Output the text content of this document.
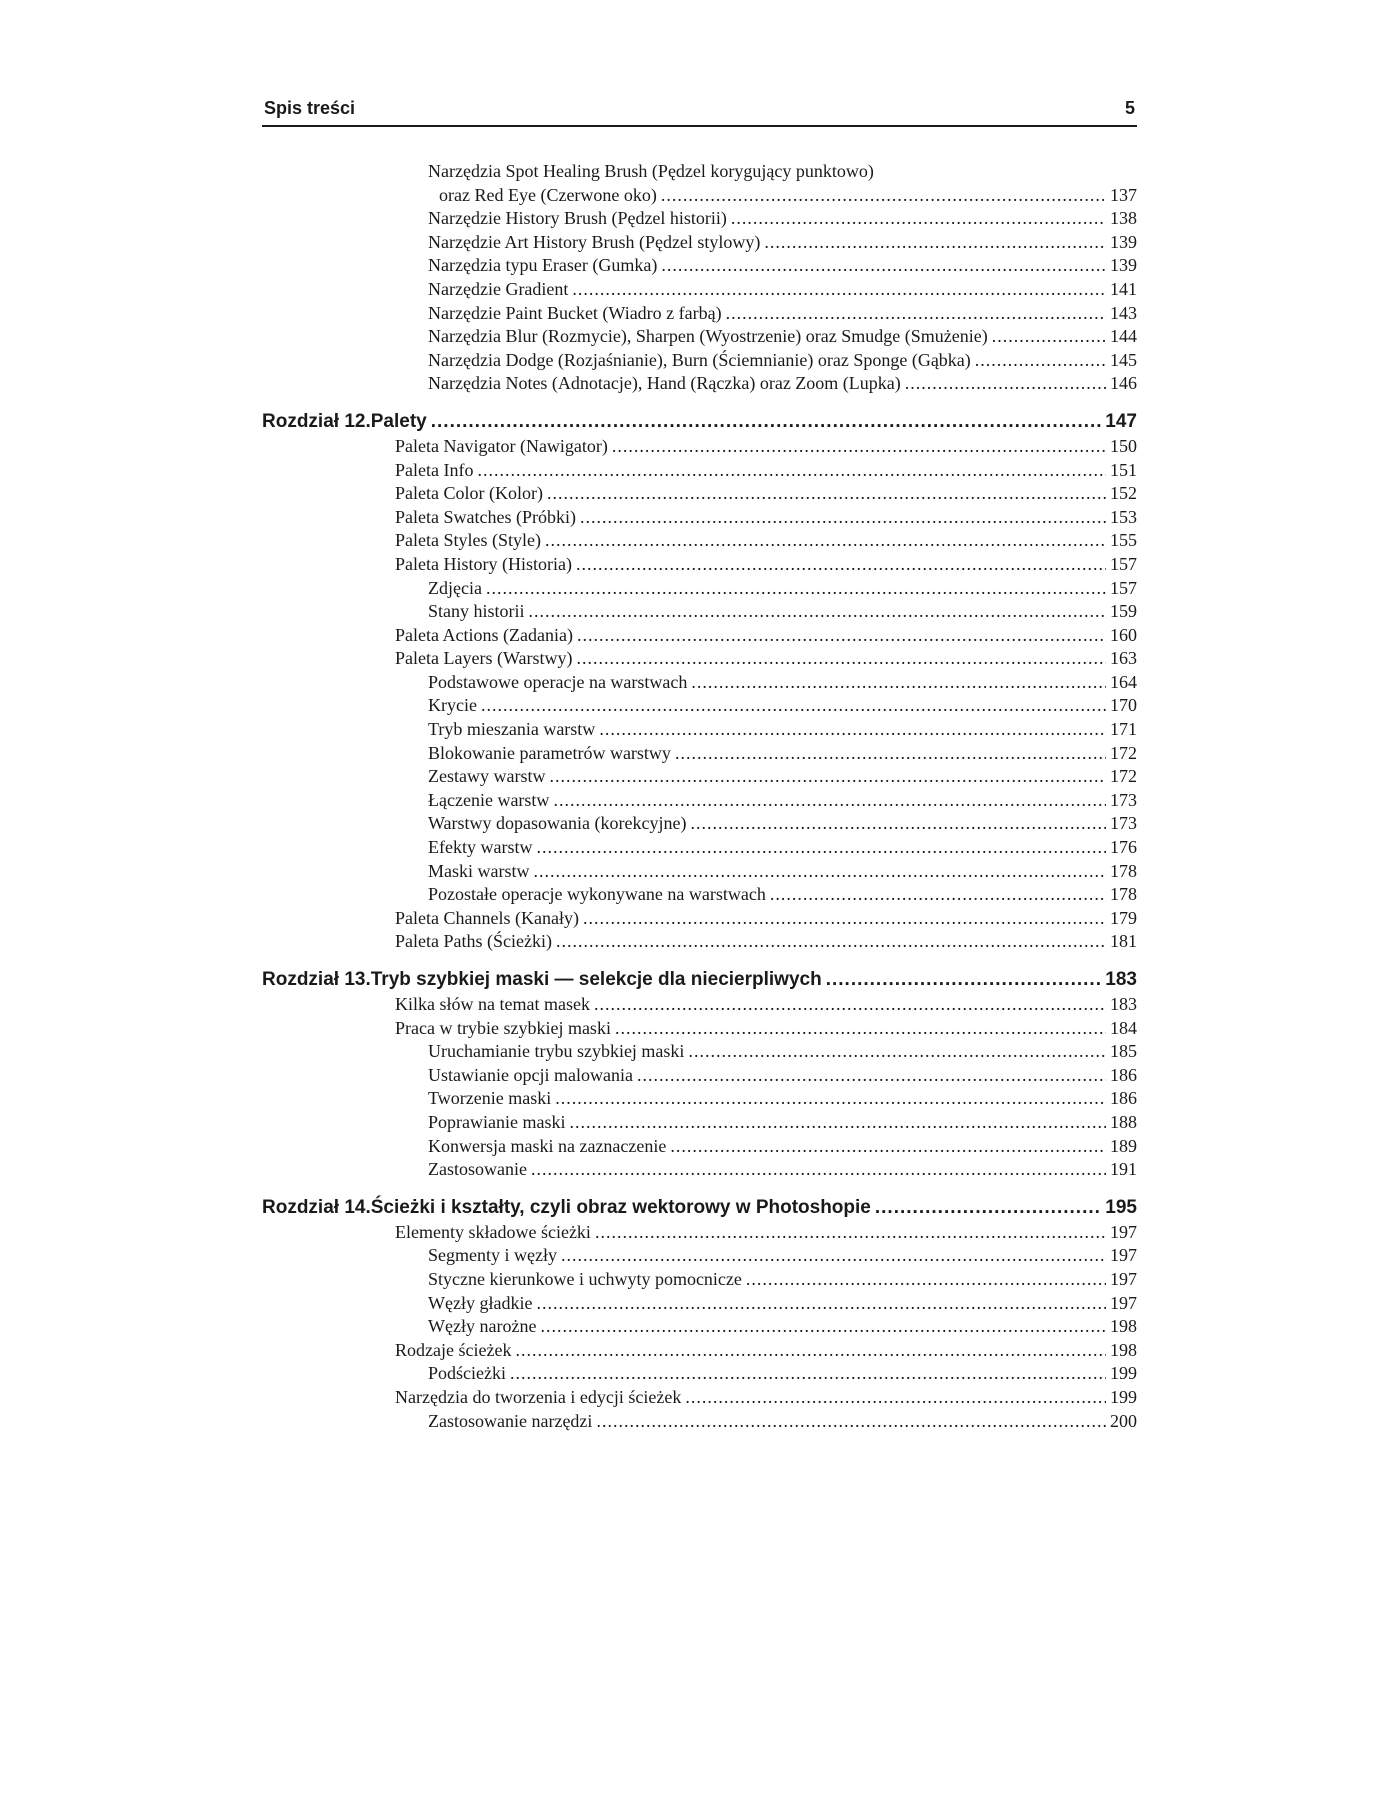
Spis treści	5
Narzędzia Spot Healing Brush (Pędzel korygujący punktowo)
oraz Red Eye (Czerwone oko) .....	137
Narzędzie History Brush (Pędzel historii) .....	138
Narzędzie Art History Brush (Pędzel stylowy) .....	139
Narzędzia typu Eraser (Gumka) .....	139
Narzędzie Gradient .....	141
Narzędzie Paint Bucket (Wiadro z farbą) .....	143
Narzędzia Blur (Rozmycie), Sharpen (Wyostrzenie) oraz Smudge (Smużenie) .....	144
Narzędzia Dodge (Rozjaśnianie), Burn (Ściemnianie) oraz Sponge (Gąbka) .....	145
Narzędzia Notes (Adnotacje), Hand (Rączka) oraz Zoom (Lupka) .....	146
Rozdział 12. Palety .....	147
Paleta Navigator (Nawigator) .....	150
Paleta Info .....	151
Paleta Color (Kolor) .....	152
Paleta Swatches (Próbki) .....	153
Paleta Styles (Style) .....	155
Paleta History (Historia) .....	157
Zdjęcia .....	157
Stany historii .....	159
Paleta Actions (Zadania) .....	160
Paleta Layers (Warstwy) .....	163
Podstawowe operacje na warstwach .....	164
Krycie .....	170
Tryb mieszania warstw .....	171
Blokowanie parametrów warstwy .....	172
Zestawy warstw .....	172
Łączenie warstw .....	173
Warstwy dopasowania (korekcyjne) .....	173
Efekty warstw .....	176
Maski warstw .....	178
Pozostałe operacje wykonywane na warstwach .....	178
Paleta Channels (Kanały) .....	179
Paleta Paths (Ścieżki) .....	181
Rozdział 13. Tryb szybkiej maski — selekcje dla niecierpliwych .....	183
Kilka słów na temat masek .....	183
Praca w trybie szybkiej maski .....	184
Uruchamianie trybu szybkiej maski .....	185
Ustawianie opcji malowania .....	186
Tworzenie maski .....	186
Poprawianie maski .....	188
Konwersja maski na zaznaczenie .....	189
Zastosowanie .....	191
Rozdział 14. Ścieżki i kształty, czyli obraz wektorowy w Photoshopie .....	195
Elementy składowe ścieżki .....	197
Segmenty i węzły .....	197
Styczne kierunkowe i uchwyty pomocnicze .....	197
Węzły gładkie .....	197
Węzły narożne .....	198
Rodzaje ścieżek .....	198
Podścieżki .....	199
Narzędzia do tworzenia i edycji ścieżek .....	199
Zastosowanie narzędzi .....	200
